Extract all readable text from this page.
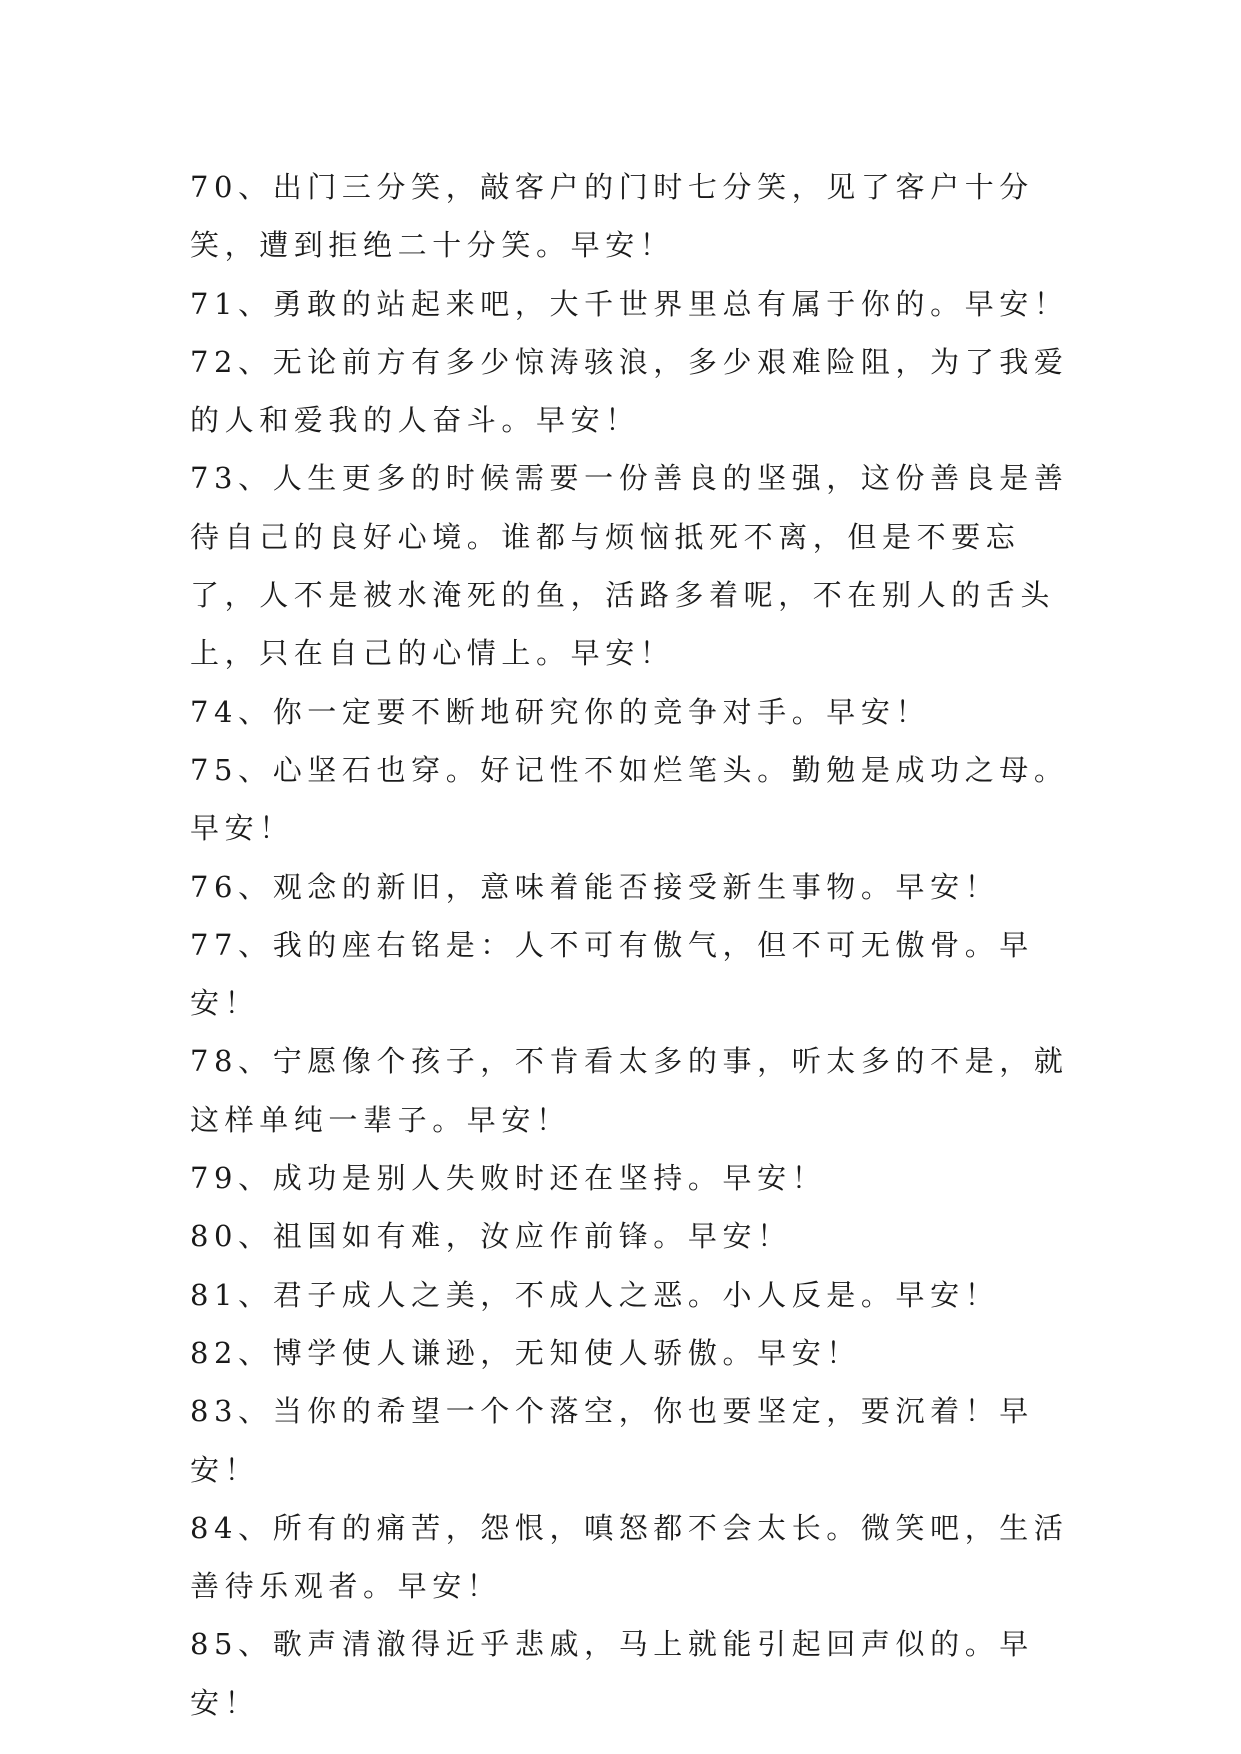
70、出门三分笑，敲客户的门时七分笑，见了客户十分笑，遭到拒绝二十分笑。早安！

71、勇敢的站起来吧，大千世界里总有属于你的。早安！

72、无论前方有多少惊涛骇浪，多少艰难险阻，为了我爱的人和爱我的人奋斗。早安！

73、人生更多的时候需要一份善良的坚强，这份善良是善待自己的良好心境。谁都与烦恼抵死不离，但是不要忘了，人不是被水淹死的鱼，活路多着呢，不在别人的舌头上，只在自己的心情上。早安！

74、你一定要不断地研究你的竞争对手。早安！

75、心坚石也穿。好记性不如烂笔头。勤勉是成功之母。早安！

76、观念的新旧，意味着能否接受新生事物。早安！

77、我的座右铭是：人不可有傲气，但不可无傲骨。早安！

78、宁愿像个孩子，不肯看太多的事，听太多的不是，就这样单纯一辈子。早安！

79、成功是别人失败时还在坚持。早安！

80、祖国如有难，汝应作前锋。早安！

81、君子成人之美，不成人之恶。小人反是。早安！

82、博学使人谦逊，无知使人骄傲。早安！

83、当你的希望一个个落空，你也要坚定，要沉着！早安！

84、所有的痛苦，怨恨，嗔怒都不会太长。微笑吧，生活善待乐观者。早安！

85、歌声清澈得近乎悲戚，马上就能引起回声似的。早安！
